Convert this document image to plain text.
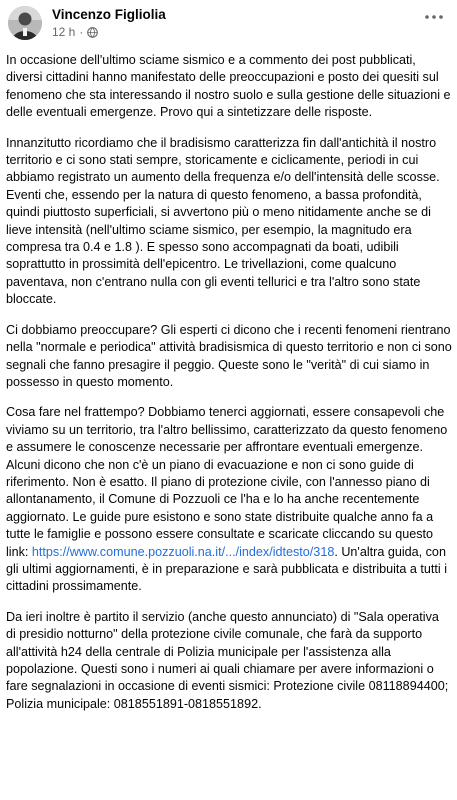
Vincenzo Figliolia
12 h ·

In occasione dell'ultimo sciame sismico e a commento dei post pubblicati, diversi cittadini hanno manifestato delle preoccupazioni e posto dei quesiti sul fenomeno che sta interessando il nostro suolo e sulla gestione delle situazioni e delle eventuali emergenze. Provo qui a sintetizzare delle risposte.

Innanzitutto ricordiamo che il bradisismo caratterizza fin dall'antichità il nostro territorio e ci sono stati sempre, storicamente e ciclicamente, periodi in cui abbiamo registrato un aumento della frequenza e/o dell'intensità delle scosse. Eventi che, essendo per la natura di questo fenomeno, a bassa profondità, quindi piuttosto superficiali, si avvertono più o meno nitidamente anche se di lieve intensità (nell'ultimo sciame sismico, per esempio, la magnitudo era compresa tra 0.4 e 1.8 ). E spesso sono accompagnati da boati, udibili soprattutto in prossimità dell'epicentro. Le trivellazioni, come qualcuno paventava, non c'entrano nulla con gli eventi tellurici e tra l'altro sono state bloccate.

Ci dobbiamo preoccupare? Gli esperti ci dicono che i recenti fenomeni rientrano nella "normale e periodica" attività bradisismica di questo territorio e non ci sono segnali che fanno presagire il peggio. Queste sono le "verità" di cui siamo in possesso in questo momento.

Cosa fare nel frattempo? Dobbiamo tenerci aggiornati, essere consapevoli che viviamo su un territorio, tra l'altro bellissimo, caratterizzato da questo fenomeno e assumere le conoscenze necessarie per affrontare eventuali emergenze. Alcuni dicono che non c'è un piano di evacuazione e non ci sono guide di riferimento. Non è esatto. Il piano di protezione civile, con l'annesso piano di allontanamento, il Comune di Pozzuoli ce l'ha e lo ha anche recentemente aggiornato. Le guide pure esistono e sono state distribuite qualche anno fa a tutte le famiglie e possono essere consultate e scaricate cliccando su questo link: https://www.comune.pozzuoli.na.it/.../index/idtesto/318. Un'altra guida, con gli ultimi aggiornamenti, è in preparazione e sarà pubblicata e distribuita a tutti i cittadini prossimamente.

Da ieri inoltre è partito il servizio (anche questo annunciato) di "Sala operativa di presidio notturno" della protezione civile comunale, che farà da supporto all'attività h24 della centrale di Polizia municipale per l'assistenza alla popolazione. Questi sono i numeri ai quali chiamare per avere informazioni o fare segnalazioni in occasione di eventi sismici: Protezione civile 08118894400; Polizia municipale: 0818551891-0818551892.
